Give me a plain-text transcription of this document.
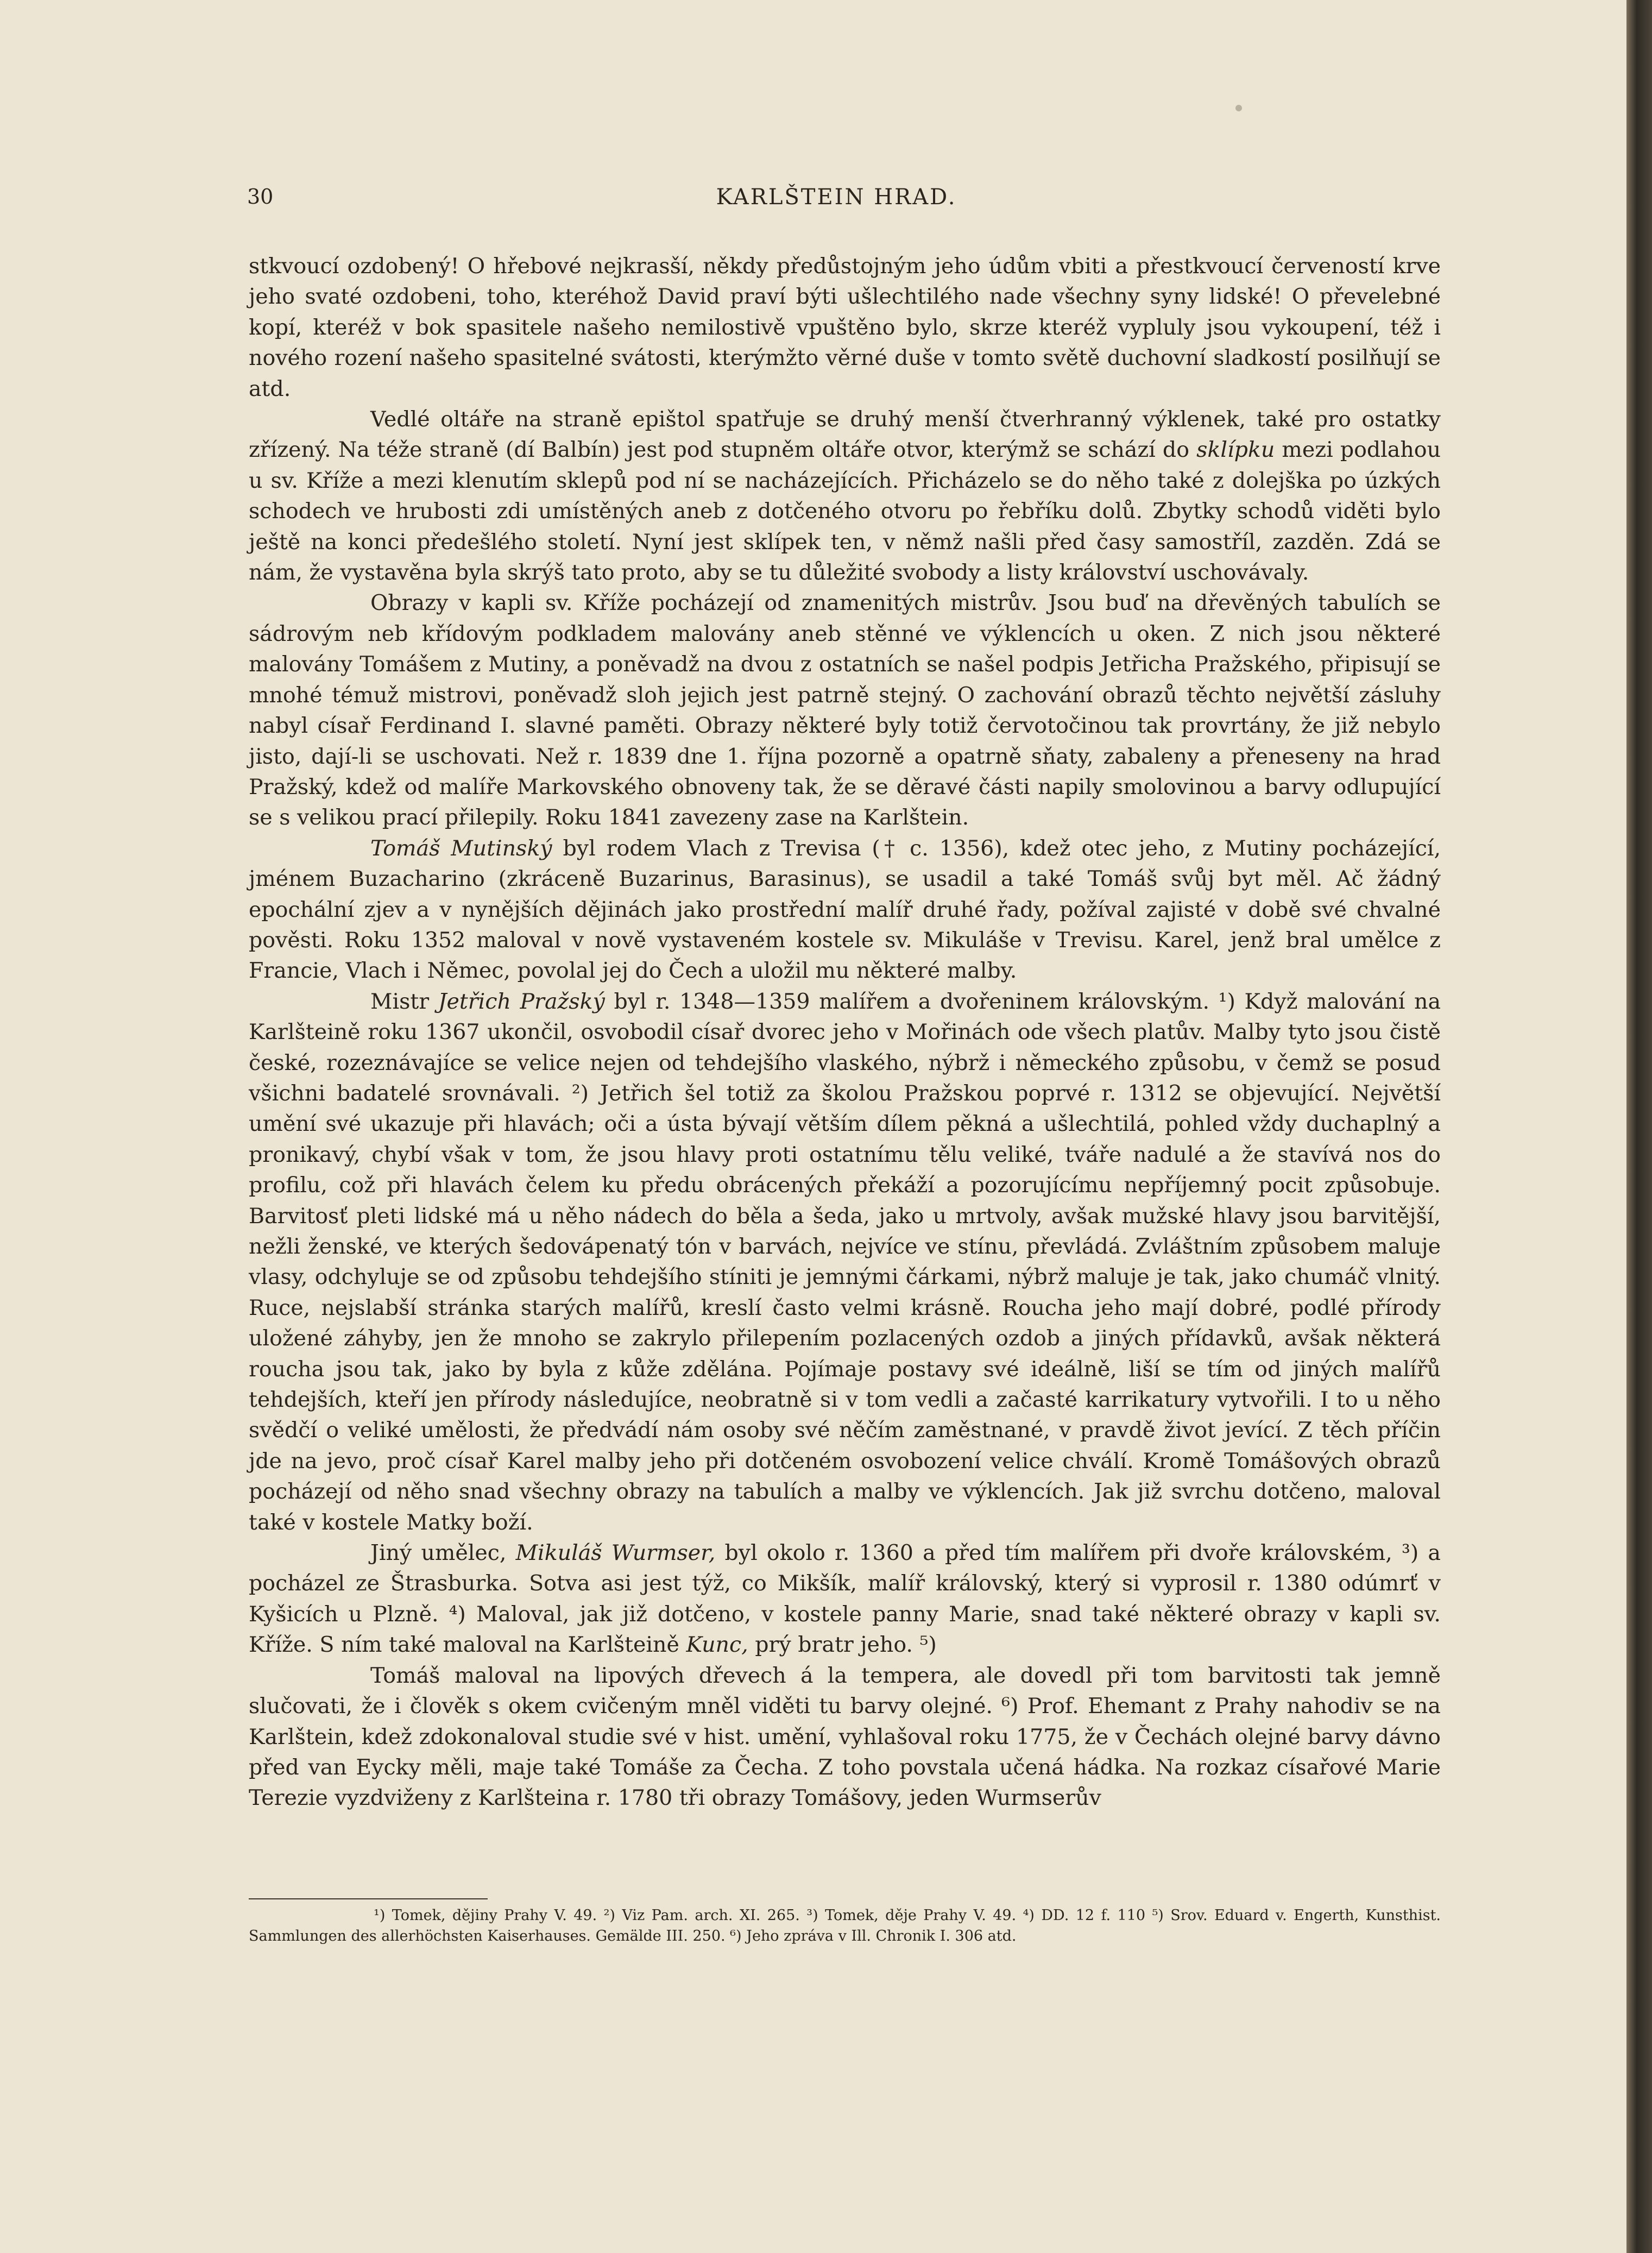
30	KARLŠTEIN HRAD.

stkvoucí ozdobený! O hřebové nejkrasší, někdy předůstojným jeho údům vbiti a přestkvoucí červeností krve jeho svaté ozdobeni, toho, kteréhož David praví býti ušlechtilého nade všechny syny lidské! O převelebné kopí, kteréž v bok spasitele našeho nemilostivě vpuštěno bylo, skrze kteréž vypluly jsou vykoupení, též i nového rození našeho spasitelné svátosti, kterýmžto věrné duše v tomto světě duchovní sladkostí posilňují se atd.

Vedlé oltáře na straně epištol spatřuje se druhý menší čtverhranný výklenek, také pro ostatky zřízený. Na téže straně (dí Balbín) jest pod stupněm oltáře otvor, kterýmž se schází do sklípku mezi podlahou u sv. Kříže a mezi klenutím sklepů pod ní se nacházejících. Přicházelo se do něho také z dolejška po úzkých schodech ve hrubosti zdi umístěných aneb z dotčeného otvoru po řebříku dolů. Zbytky schodů viděti bylo ještě na konci předešlého století. Nyní jest sklípek ten, v němž našli před časy samostříl, zazděn. Zdá se nám, že vystavěna byla skrýš tato proto, aby se tu důležité svobody a listy království uschovávaly.

Obrazy v kapli sv. Kříže pocházejí od znamenitých mistrův. Jsou buď na dřevěných tabulích se sádrovým neb křídovým podkladem malovány aneb stěnné ve výklencích u oken. Z nich jsou některé malovány Tomášem z Mutiny, a poněvadž na dvou z ostatních se našel podpis Jetřicha Pražského, připisují se mnohé témuž mistrovi, poněvadž sloh jejich jest patrně stejný. O zachování obrazů těchto největší zásluhy nabyl císař Ferdinand I. slavné paměti. Obrazy některé byly totiž červotočinou tak provrtány, že již nebylo jisto, dají-li se uschovati. Než r. 1839 dne 1. října pozorně a opatrně sňaty, zabaleny a přeneseny na hrad Pražský, kdež od malíře Markovského obnoveny tak, že se děravé části napily smolovinou a barvy odlupující se s velikou prací přilepily. Roku 1841 zavezeny zase na Karlštein.

Tomáš Mutinský byl rodem Vlach z Trevisa († c. 1356), kdež otec jeho, z Mutiny pocházející, jménem Buzacharino (zkráceně Buzarinus, Barasinus), se usadil a také Tomáš svůj byt měl. Ač žádný epochální zjev a v nynějších dějinách jako prostřední malíř druhé řady, požíval zajisté v době své chvalné pověsti. Roku 1352 maloval v nově vystaveném kostele sv. Mikuláše v Trevisu. Karel, jenž bral umělce z Francie, Vlach i Němec, povolal jej do Čech a uložil mu některé malby.

Mistr Jetřich Pražský byl r. 1348—1359 malířem a dvořeninem královským. ¹) Když malování na Karlšteině roku 1367 ukončil, osvobodil císař dvorec jeho v Mořinách ode všech platův. Malby tyto jsou čistě české, rozeznávajíce se velice nejen od tehdejšího vlaského, nýbrž i německého způsobu, v čemž se posud všichni badatelé srovnávali. ²) Jetřich šel totiž za školou Pražskou poprvé r. 1312 se objevující. Největší umění své ukazuje při hlavách; oči a ústa bývají větším dílem pěkná a ušlechtilá, pohled vždy duchaplný a pronikavý, chybí však v tom, že jsou hlavy proti ostatnímu tělu veliké, tváře nadulé a že stavívá nos do profilu, což při hlavách čelem ku předu obrácených překáží a pozorujícímu nepříjemný pocit způsobuje. Barvitosť pleti lidské má u něho nádech do běla a šeda, jako u mrtvoly, avšak mužské hlavy jsou barvitější, nežli ženské, ve kterých šedovápenatý tón v barvách, nejvíce ve stínu, převládá. Zvláštním způsobem maluje vlasy, odchyluje se od způsobu tehdejšího stíniti je jemnými čárkami, nýbrž maluje je tak, jako chumáč vlnitý. Ruce, nejslabší stránka starých malířů, kreslí často velmi krásně. Roucha jeho mají dobré, podlé přírody uložené záhyby, jen že mnoho se zakrylo přilepením pozlacených ozdob a jiných přídavků, avšak některá roucha jsou tak, jako by byla z kůže zdělána. Pojímaje postavy své ideálně, liší se tím od jiných malířů tehdejších, kteří jen přírody následujíce, neobratně si v tom vedli a začasté karrikatury vytvořili. I to u něho svědčí o veliké umělosti, že předvádí nám osoby své něčím zaměstnané, v pravdě život jevící. Z těch příčin jde na jevo, proč císař Karel malby jeho při dotčeném osvobození velice chválí. Kromě Tomášových obrazů pocházejí od něho snad všechny obrazy na tabulích a malby ve výklencích. Jak již svrchu dotčeno, maloval také v kostele Matky boží.

Jiný umělec, Mikuláš Wurmser, byl okolo r. 1360 a před tím malířem při dvoře královském, ³) a pocházel ze Štrasburka. Sotva asi jest týž, co Mikšík, malíř královský, který si vyprosil r. 1380 odúmrť v Kyšicích u Plzně. ⁴) Maloval, jak již dotčeno, v kostele panny Marie, snad také některé obrazy v kapli sv. Kříže. S ním také maloval na Karlšteině Kunc, prý bratr jeho. ⁵)

Tomáš maloval na lipových dřevech á la tempera, ale dovedl při tom barvitosti tak jemně slučovati, že i člověk s okem cvičeným mněl viděti tu barvy olejné. ⁶) Prof. Ehemant z Prahy nahodiv se na Karlštein, kdež zdokonaloval studie své v hist. umění, vyhlašoval roku 1775, že v Čechách olejné barvy dávno před van Eycky měli, maje také Tomáše za Čecha. Z toho povstala učená hádka. Na rozkaz císařové Marie Terezie vyzdviženy z Karlšteina r. 1780 tři obrazy Tomášovy, jeden Wurmserův

¹) Tomek, dějiny Prahy V. 49. ²) Viz Pam. arch. XI. 265. ³) Tomek, děje Prahy V. 49. ⁴) DD. 12 f. 110 ⁵) Srov. Eduard v. Engerth, Kunsthist. Sammlungen des allerhöchsten Kaiserhauses. Gemälde III. 250. ⁶) Jeho zpráva v Ill. Chronik I. 306 atd.
